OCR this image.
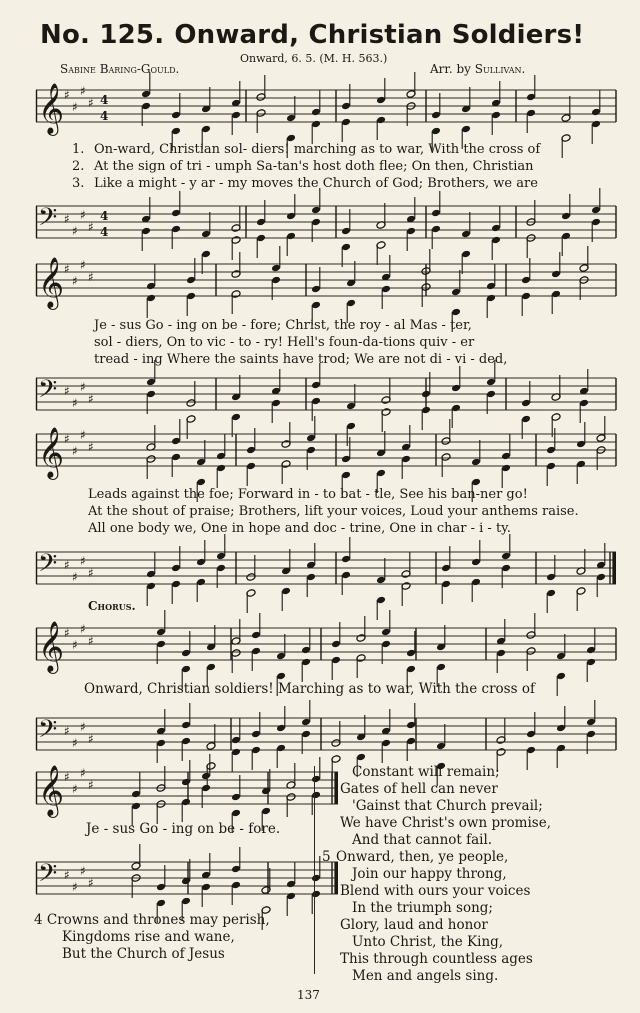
No. 125. Onward, Christian Soldiers!
Sabine Baring-Gould.
Onward, 6. 5. (M. H. 563.)
Arr. by Sullivan.
𝄞 ♯
♯
♯
♯ 4
4
𝄢 ♯
♯
♯
♯
4
4
1. On-ward, Christian sol- diers! marching as to war, With the cross of
2. At the sign of tri - umph Sa-tan's host doth flee; On then, Christian
3. Like a might - y ar - my moves the Church of God; Brothers, we are
𝄞 ♯
♯
♯
♯
Je - sus Go - ing on be - fore; Christ, the roy - al Mas - ter,
sol - diers, On to vic - to - ry! Hell's foun-da-tions quiv - er
tread - ing Where the saints have trod; We are not di - vi - ded,
𝄢 ♯
♯
♯
♯
𝄞 ♯
♯
♯
♯
Leads against the foe; Forward in - to bat - tle, See his ban-ner go!
At the shout of praise; Brothers, lift your voices, Loud your anthems raise.
All one body we, One in hope and doc - trine, One in char - i - ty.
𝄢 ♯
♯
♯
♯
Chorus.
𝄞 ♯
♯
♯
♯
Onward, Christian soldiers! Marching as to war, With the cross of
𝄢 ♯
♯
♯
♯
𝄞 ♯
♯
♯
♯
Je - sus Go - ing on be - fore.
𝄢 ♯
♯
♯
♯
4 Crowns and thrones may perish,
Kingdoms rise and wane,
But the Church of Jesus
Constant will remain;
Gates of hell can never
'Gainst that Church prevail;
We have Christ's own promise,
And that cannot fail.
5 Onward, then, ye people,
Join our happy throng,
Blend with ours your voices
In the triumph song;
Glory, laud and honor
Unto Christ, the King,
This through countless ages
Men and angels sing.
137
